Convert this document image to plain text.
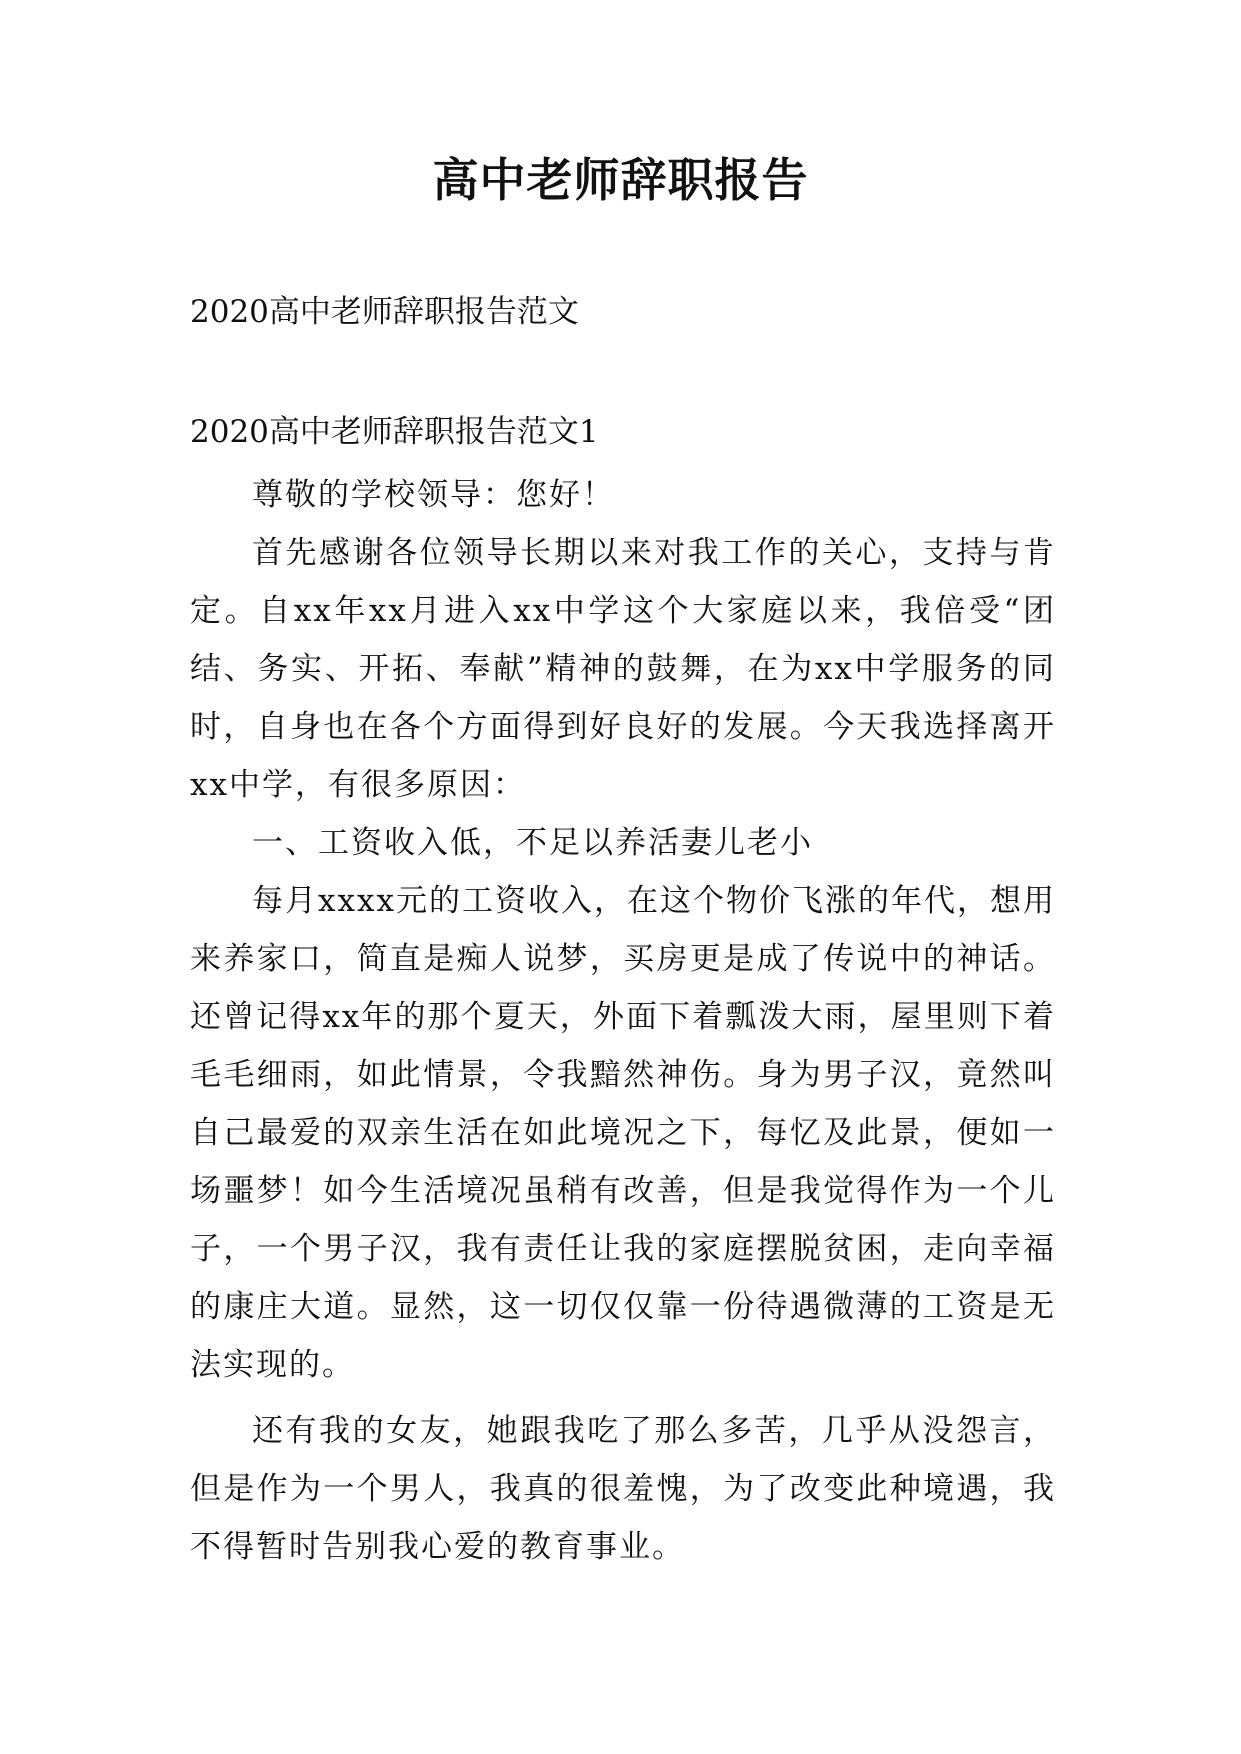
高中老师辞职报告
2020高中老师辞职报告范文
2020高中老师辞职报告范文1

尊敬的学校领导：您好！

首先感谢各位领导长期以来对我工作的关心，支持与肯定。自xx年xx月进入xx中学这个大家庭以来，我倍受“团结、务实、开拓、奉献”精神的鼓舞，在为xx中学服务的同时，自身也在各个方面得到好良好的发展。今天我选择离开xx中学，有很多原因：

一、工资收入低，不足以养活妻儿老小

每月xxxx元的工资收入，在这个物价飞涨的年代，想用来养家口，简直是痴人说梦，买房更是成了传说中的神话。还曾记得xx年的那个夏天，外面下着瓢泼大雨，屋里则下着毛毛细雨，如此情景，令我黯然神伤。身为男子汉，竟然叫自己最爱的双亲生活在如此境况之下，每忆及此景，便如一场噩梦！如今生活境况虽稍有改善，但是我觉得作为一个儿子，一个男子汉，我有责任让我的家庭摆脱贫困，走向幸福的康庄大道。显然，这一切仅仅靠一份待遇微薄的工资是无法实现的。

还有我的女友，她跟我吃了那么多苦，几乎从没怨言，但是作为一个男人，我真的很羞愧，为了改变此种境遇，我不得暂时告别我心爱的教育事业。
